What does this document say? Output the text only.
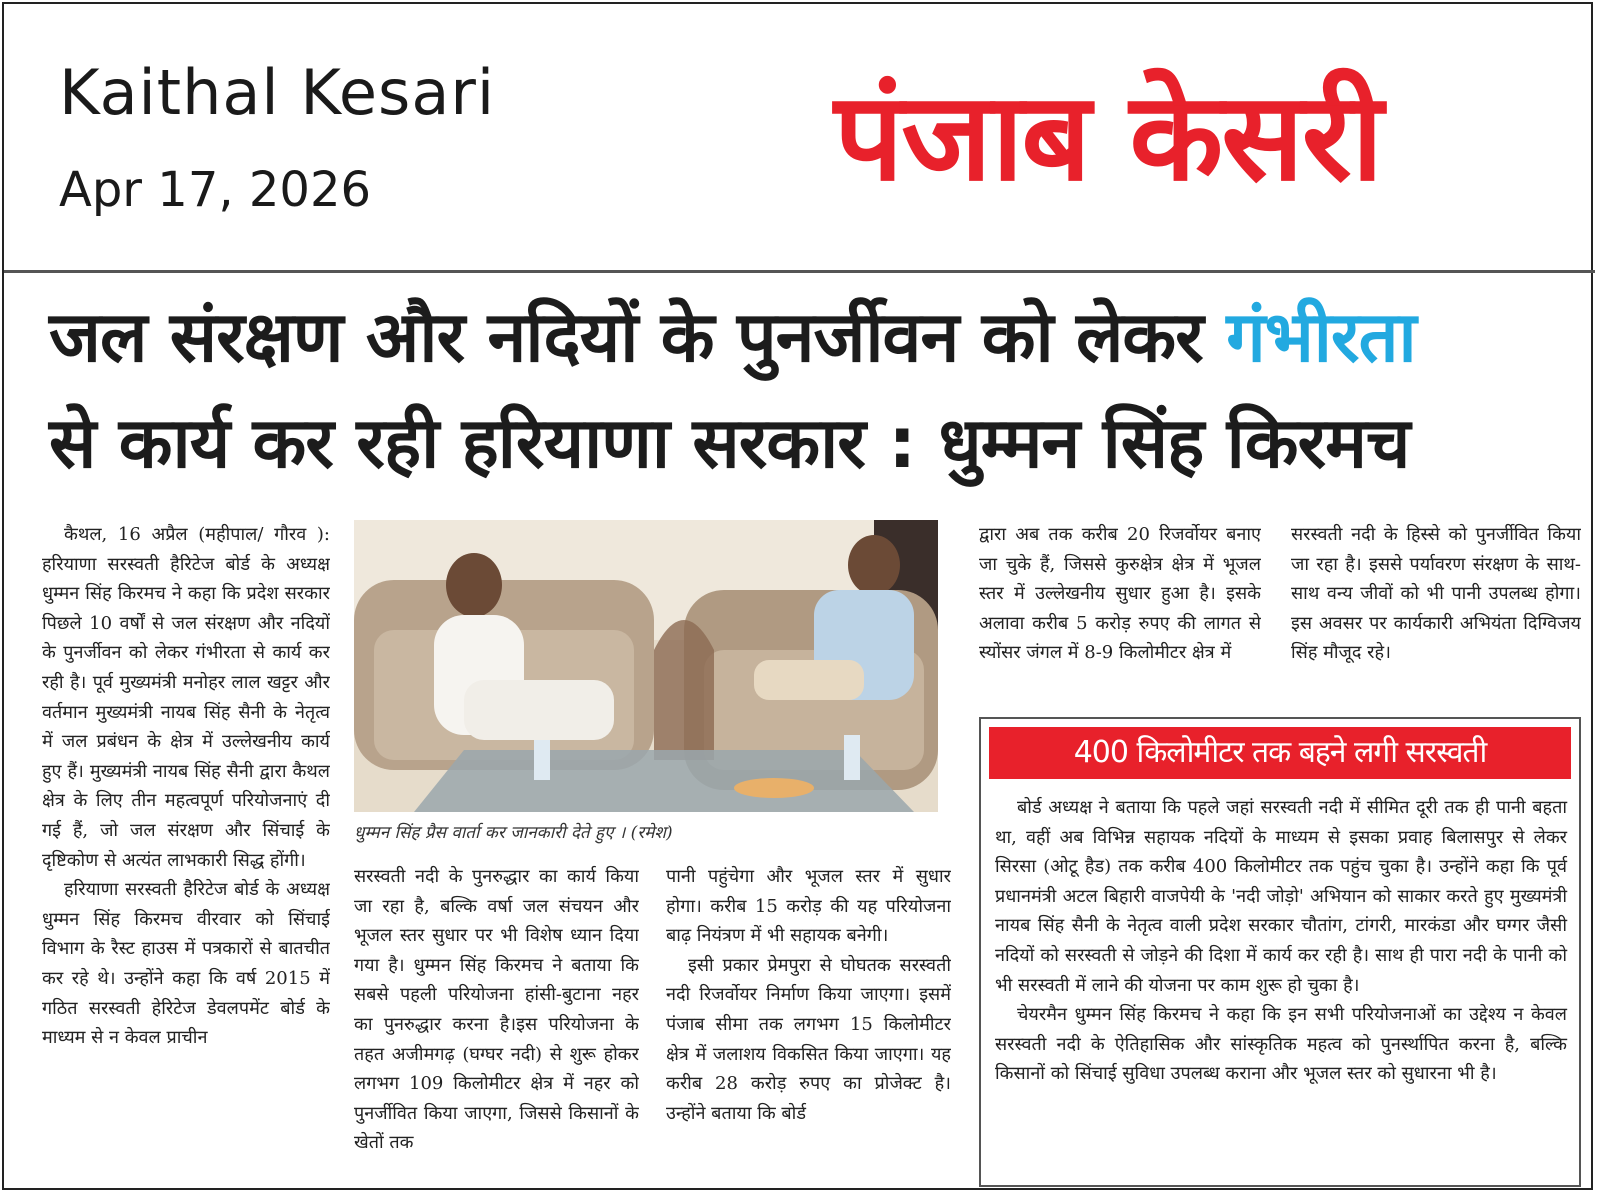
Kaithal Kesari
Apr 17, 2026	पंजाब केसरी
जल संरक्षण और नदियों के पुनर्जीवन को लेकर गंभीरता
से कार्य कर रही हरियाणा सरकार : धुम्मन सिंह किरमच

कैथल, 16 अप्रैल (महीपाल/ गौरव ): हरियाणा सरस्वती हैरिटेज बोर्ड के अध्यक्ष धुम्मन सिंह किरमच ने कहा कि प्रदेश सरकार पिछले 10 वर्षों से जल संरक्षण और नदियों के पुनर्जीवन को लेकर गंभीरता से कार्य कर रही है। पूर्व मुख्यमंत्री मनोहर लाल खट्टर और वर्तमान मुख्यमंत्री नायब सिंह सैनी के नेतृत्व में जल प्रबंधन के क्षेत्र में उल्लेखनीय कार्य हुए हैं। मुख्यमंत्री नायब सिंह सैनी द्वारा कैथल क्षेत्र के लिए तीन महत्वपूर्ण परियोजनाएं दी गई हैं, जो जल संरक्षण और सिंचाई के दृष्टिकोण से अत्यंत लाभकारी सिद्ध होंगी।

हरियाणा सरस्वती हैरिटेज बोर्ड के अध्यक्ष धुम्मन सिंह किरमच वीरवार को सिंचाई विभाग के रैस्ट हाउस में पत्रकारों से बातचीत कर रहे थे। उन्होंने कहा कि वर्ष 2015 में गठित सरस्वती हेरिटेज डेवलपमेंट बोर्ड के माध्यम से न केवल प्राचीन

धुम्मन सिंह प्रैस वार्ता कर जानकारी देते हुए । (रमेश)

सरस्वती नदी के पुनरुद्धार का कार्य किया जा रहा है, बल्कि वर्षा जल संचयन और भूजल स्तर सुधार पर भी विशेष ध्यान दिया गया है। धुम्मन सिंह किरमच ने बताया कि सबसे पहली परियोजना हांसी-बुटाना नहर का पुनरुद्धार करना है।इस परियोजना के तहत अजीमगढ़ (घग्घर नदी) से शुरू होकर लगभग 109 किलोमीटर क्षेत्र में नहर को पुनर्जीवित किया जाएगा, जिससे किसानों के खेतों तक

पानी पहुंचेगा और भूजल स्तर में सुधार होगा। करीब 15 करोड़ की यह परियोजना बाढ़ नियंत्रण में भी सहायक बनेगी।

इसी प्रकार प्रेमपुरा से घोघतक सरस्वती नदी रिजर्वोयर निर्माण किया जाएगा। इसमें पंजाब सीमा तक लगभग 15 किलोमीटर क्षेत्र में जलाशय विकसित किया जाएगा। यह करीब 28 करोड़ रुपए का प्रोजेक्ट है। उन्होंने बताया कि बोर्ड

द्वारा अब तक करीब 20 रिजर्वोयर बनाए जा चुके हैं, जिससे कुरुक्षेत्र क्षेत्र में भूजल स्तर में उल्लेखनीय सुधार हुआ है। इसके अलावा करीब 5 करोड़ रुपए की लागत से स्योंसर जंगल में 8-9 किलोमीटर क्षेत्र में

सरस्वती नदी के हिस्से को पुनर्जीवित किया जा रहा है। इससे पर्यावरण संरक्षण के साथ-साथ वन्य जीवों को भी पानी उपलब्ध होगा। इस अवसर पर कार्यकारी अभियंता दिग्विजय सिंह मौजूद रहे।

400 किलोमीटर तक बहने लगी सरस्वती

बोर्ड अध्यक्ष ने बताया कि पहले जहां सरस्वती नदी में सीमित दूरी तक ही पानी बहता था, वहीं अब विभिन्न सहायक नदियों के माध्यम से इसका प्रवाह बिलासपुर से लेकर सिरसा (ओटू हैड) तक करीब 400 किलोमीटर तक पहुंच चुका है। उन्होंने कहा कि पूर्व प्रधानमंत्री अटल बिहारी वाजपेयी के 'नदी जोड़ो' अभियान को साकार करते हुए मुख्यमंत्री नायब सिंह सैनी के नेतृत्व वाली प्रदेश सरकार चौतांग, टांगरी, मारकंडा और घग्गर जैसी नदियों को सरस्वती से जोड़ने की दिशा में कार्य कर रही है। साथ ही पारा नदी के पानी को भी सरस्वती में लाने की योजना पर काम शुरू हो चुका है।

चेयरमैन धुम्मन सिंह किरमच ने कहा कि इन सभी परियोजनाओं का उद्देश्य न केवल सरस्वती नदी के ऐतिहासिक और सांस्कृतिक महत्व को पुनर्स्थापित करना है, बल्कि किसानों को सिंचाई सुविधा उपलब्ध कराना और भूजल स्तर को सुधारना भी है।
